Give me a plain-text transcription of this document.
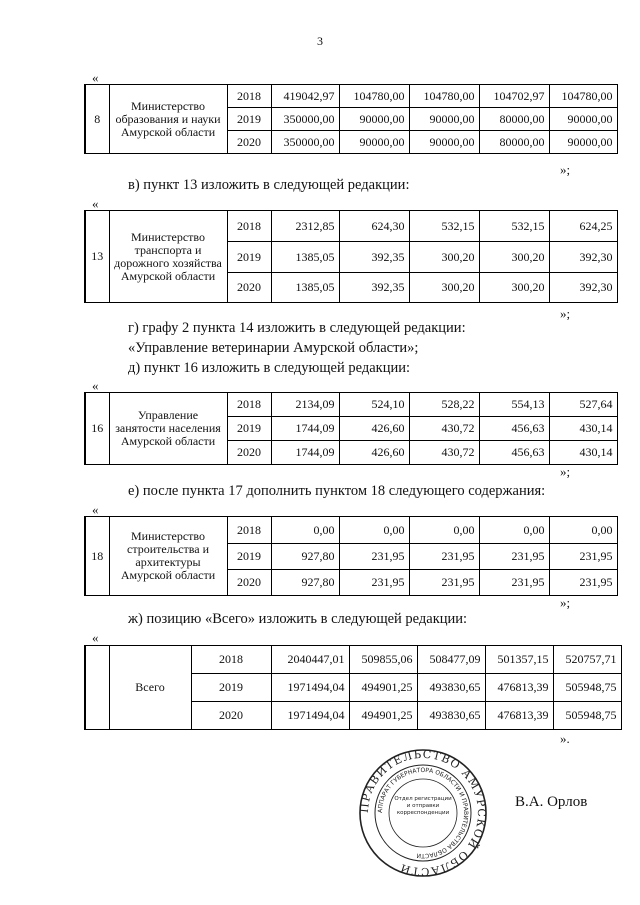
3
«
8	Министерство образования и науки Амурской области	2018	419042,97	104780,00	104780,00	104702,97	104780,00
		2019	350000,00	90000,00	90000,00	80000,00	90000,00
		2020	350000,00	90000,00	90000,00	80000,00	90000,00
»;
в) пункт 13 изложить в следующей редакции:
«
13	Министерство транспорта и дорожного хозяйства Амурской области	2018	2312,85	624,30	532,15	532,15	624,25
		2019	1385,05	392,35	300,20	300,20	392,30
		2020	1385,05	392,35	300,20	300,20	392,30
»;
г) графу 2 пункта 14 изложить в следующей редакции:
«Управление ветеринарии Амурской области»;
д) пункт 16 изложить в следующей редакции:
«
16	Управление занятости населения Амурской области	2018	2134,09	524,10	528,22	554,13	527,64
		2019	1744,09	426,60	430,72	456,63	430,14
		2020	1744,09	426,60	430,72	456,63	430,14
»;
е) после пункта 17 дополнить пунктом 18 следующего содержания:
«
18	Министерство строительства и архитектуры Амурской области	2018	0,00	0,00	0,00	0,00	0,00
		2019	927,80	231,95	231,95	231,95	231,95
		2020	927,80	231,95	231,95	231,95	231,95
»;
ж) позицию «Всего» изложить в следующей редакции:
«
	Всего	2018	2040447,01	509855,06	508477,09	501357,15	520757,71
		2019	1971494,04	494901,25	493830,65	476813,39	505948,75
		2020	1971494,04	494901,25	493830,65	476813,39	505948,75
».
ПРАВИТЕЛЬСТВО АМУРСКОЙ ОБЛАСТИ
АППАРАТ ГУБЕРНАТОРА ОБЛАСТИ И ПРАВИТЕЛЬСТВА ОБЛАСТИ
Отдел регистрации и отправки корреспонденции
В.А. Орлов
